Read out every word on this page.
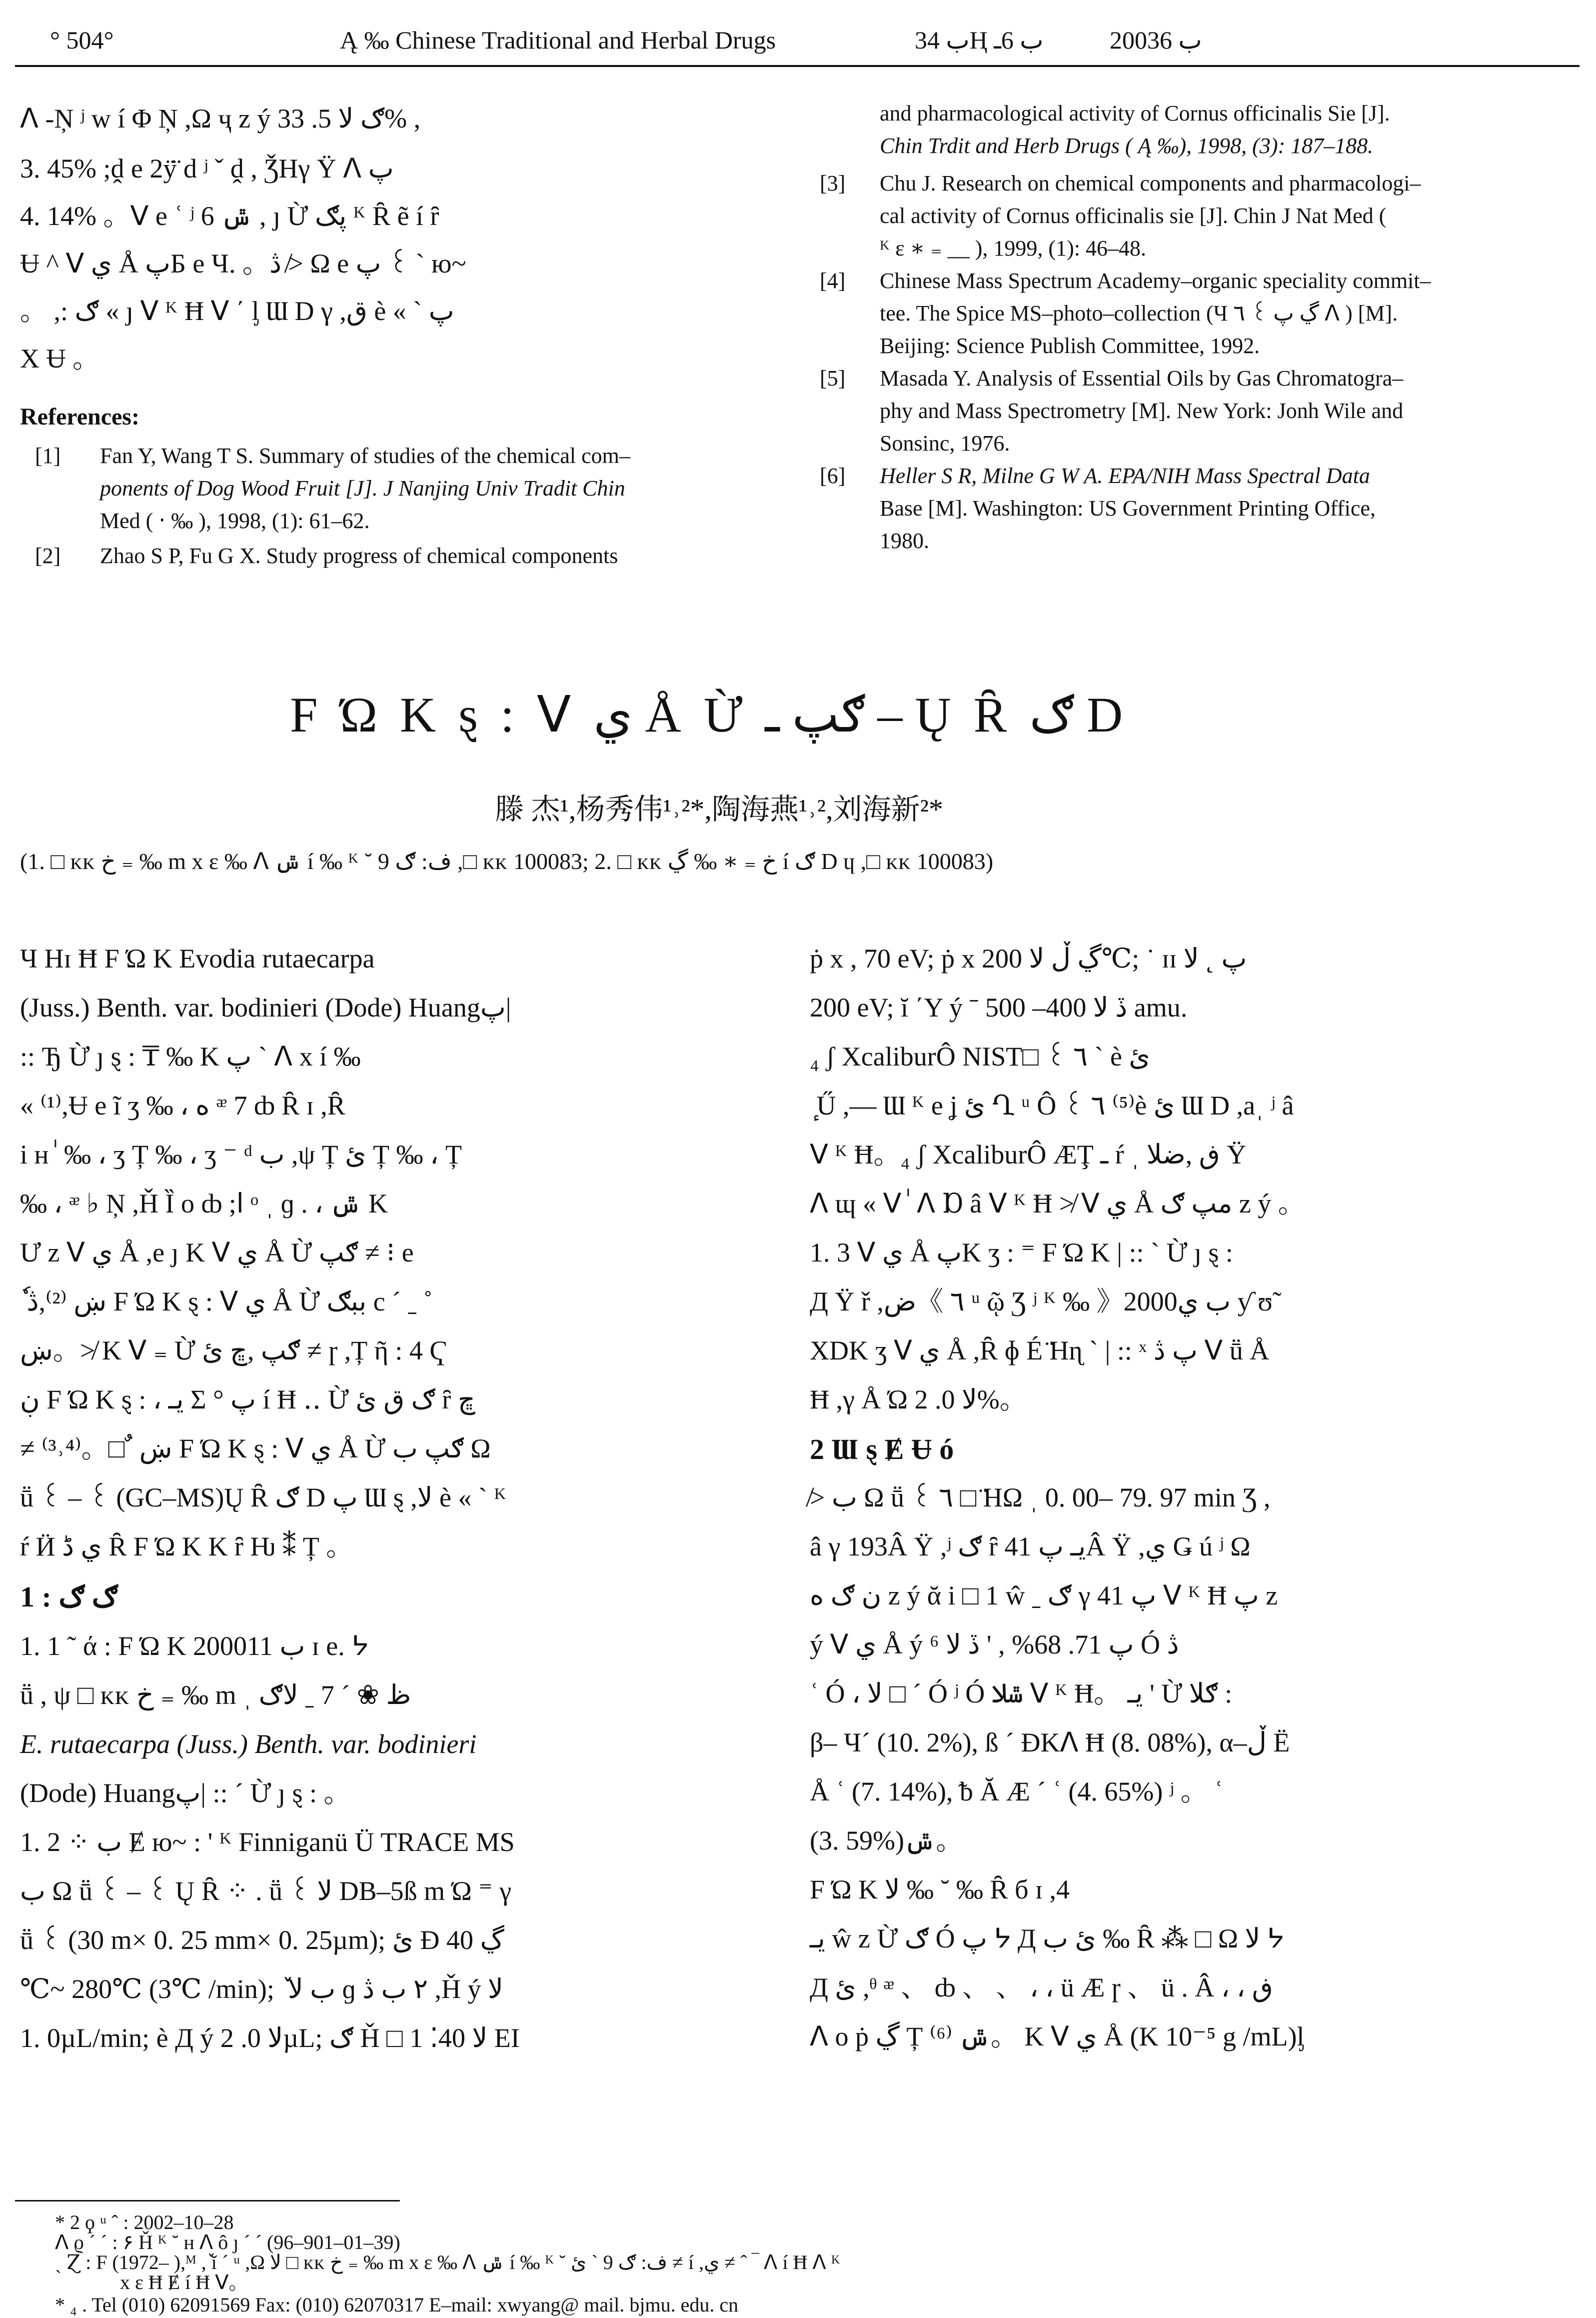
° 504°	Ą ‰ Chinese Traditional and Herbal Drugs	ب 34Ⱨ ب 6ـ	2003ب 6
ᐱ -Ņ ʲ w í Φ Ņ ,Ω ҷ z ý ګ لا 5. 33% ,
3. 45% ;ḓ e 2ÿ̈ d ʲ ˇ ḓ , ǮHγ Ÿ ᐱ پ
4. 14% 。ᐯ e ʿ ʲ 6 ݜ , ȷ Ừ پګ ᴷ Ȓ ẽ í ȓ
Ʉ ^ ᐯ ي Å پБ e Ч. 。ڎ ≯ Ω e پ ꒰ ` ю~
。 ,: ګ « ȷ ᐯ ᴷ Ħ ᐯ ΄ ᶅ Ɯ D γ ,ق è « ` پ
X Ʉ 。
References:
[1] Fan Y, Wang T S. Summary of studies of the chemical com–
ponents of Dog Wood Fruit [J]. J Nanjing Univ Tradit Chin
Med ( ‧ ‰ ), 1998, (1): 61–62.
[2] Zhao S P, Fu G X. Study progress of chemical components
and pharmacological activity of Cornus officinalis Sie [J].
Chin Trdit and Herb Drugs ( Ą ‰), 1998, (3): 187–188.
[3] Chu J. Research on chemical components and pharmacologi–
cal activity of Cornus officinalis sie [J]. Chin J Nat Med (
ᴷ ɛ ∗ ₌ __ ), 1999, (1): 46–48.
[4] Chinese Mass Spectrum Academy–organic speciality commit–
tee. The Spice MS–photo–collection (Ч ڲ پ ꒰ ٦ ᐱ ) [M].
Beijing: Science Publish Committee, 1992.
[5] Masada Y. Analysis of Essential Oils by Gas Chromatogra–
phy and Mass Spectrometry [M]. New York: Jonh Wile and
Sonsinc, 1976.
[6] Heller S R, Milne G W A. EPA/NIH Mass Spectral Data
Base [M]. Washington: US Government Printing Office,
1980.
F Ώ K ȿ : ᐯ ي Å Ừ ګپ ـ – Ų Ȓ ګ D
滕 杰¹,杨秀伟¹˒²*,陶海燕¹˒²,刘海新²*
(1. □ ᴋᴋ خ ₌ ‰ m x ɛ ‰ ᐱ ݜ í ‰ ᴷ ˘ ف: ګ 9 ,□ ᴋᴋ 100083; 2. □ ᴋᴋ خ ₌ ∗ ‰ ڲ í ګ D ɥ ,□ ᴋᴋ 100083)
Ч Hɪ Ħ F Ώ K Evodia rutaecarpa
(Juss.) Benth. var. bodinieri (Dode) Huangپ|
:: Ђ Ừ ȷ ȿ : ₸ ‰ K پ ` ᐱ x í ‰
« ⁽¹⁾,Ʉ e ĩ ʒ ‰ ، ه ᵆ 7 ȸ Ȓ ɪ ,Ȓ
i ʜ ٰ ‰ ، ʒ Ț ‰ ، ʒ ⁻ ᵈ ب ,ψ Ț ئ Ț ‰ ، Ț
‰ ، ᵆ ♭ Ņ ,Ȟ Ȉ o ȸ ;ا ᵒ ˌ ɡ . ، ݜ K
Ư ᴢ ᐯ ي Å ,e ȷ K ᐯ ي Å Ừ ګپ ≠ ⁝ e
ٗ ښ ⁽²⁾,ڎ F Ώ K ȿ : ᐯ ي Å Ừ ببګ c ´ ˍ ˚
ښ。≯ K ᐯ ₌ Ừ ګپ ,ڇ ئ ≠ ɼ ,Ț ῆ : 4 Ҁ
ڹ F Ώ K ȿ : ، يـ Σ ° پ í Ħ ‥ Ừ ګ ق ئ ȓ ڇ
≠ ⁽³˒⁴⁾。□ ٌ ښ F Ώ K ȿ : ᐯ ي Å Ừ ګپ ب Ω
ṻ ꒰ – ꒰ (GC–MS)Ų Ȓ ګ D پ Ɯ ȿ ,لا è « ` ᴷ
ŕ Ӥ ي ڈ Ȓ F Ώ K K ȓ Ƕ ⁑ Ț 。
1 : ګ ګ
1. 1 ˜ ά : F Ώ K 2000ب 11 ɪ e. ᔭ
ṻ , ψ □ ᴋᴋ خ ₌ ‰ m ˌ ظ ❀ ´ 7 ˍ لاګ
E. rutaecarpa (Juss.) Benth. var. bodinieri
(Dode) Huangپ| :: ´ Ừ ȷ ȿ : 。
1. 2 ⁘ ب Ɇ ю~ : ' ᴷ Finniganü Ü TRACE MS
ب Ω ṻ ꒰ – ꒰ Ų Ȓ ⁘ . ṻ ꒰ لا DB–5ß m Ώ ⁼ γ
ṻ ꒰ (30 m× 0. 25 mm× 0. 25µm); ئ Ð ڲ 40
℃~ 280℃ (3℃ /min); ٚ ب لا ɡ ٢ ب ڎ ,Ȟ ý لا
1. 0µL/min; è Д ý لا 0. 2µL; ګ Ȟ □ لا 40⁚ 1 EI
ṗ x , 70 eV; ṗ x ڲ ڵ لا 200℃; ˙ ɪɪ پ ˛ لا
200 eV; ĭ ΄Y ý ˉ ڏ لا 400– 500 amu.
₄ ʃ XcaliburÔ NIST□ ꒰ ٦ ` è ئ
ٕ Ű ,— Ɯ ᴷ e ʝ ئ Ղ ᵘ Ô ꒰ ٦ ⁽⁵⁾è ئ Ɯ D ,aˌ ʲ â
ᐯ ᴷ Ħ。₄ ʃ XcaliburÔ ÆŢ ـ ŕ ˌ ڧ ,ضلا Ÿ
ᐱ ɰ « ᐯ ٰ ᐱ Ɒ â ᐯ ᴷ Ħ ≯ ᐯ ي Å مپ ګ ᴢ ý 。
1. 3 ᐯ ي Å پK ʒ : ⁼ F Ώ K | :: ` Ừ ȷ ȿ :
Д Ÿ ř ,ض《 ٦ ᵘ ῷ Ʒ ʲ ᴷ ‰ 》2000ب ي ƴ ʊ̃
XDK ʒ ᐯ ي Å ,Ȓ ɸ É ̈Hɳ ` | :: ˣ پ ڎ ᐯ ṻ Å
Ħ ,γ Å Ώ لا 0. 2%。
2 Ɯ ȿ Ɇ Ʉ ó
≯ ب Ω ṻ ꒰ ٦ □ ̈HΩ ˌ 0. 00– 79. 97 min Ʒ ,
â γ 193Â Ÿ ,ʲ ګ ȓ يـ پ 41Â Ÿ ,ي Ǥ ú ʲ Ω
ن ګ ه ᴢ ý ᾰ i □ 1 ŵ ˍ ګ γ پ 41 ᐯ ᴷ Ħ پ ᴢ
ý ᐯ ي Å ý پ 71. 68% , ' ڏ لا ⁶ Ó ڎ
ʿ Ó ، لا □ ˊ Ó ʲ Ó ݜلا ᐯ ᴷ Ħ。 يـ ' Ừ ګلا :
β– Чˊ (10. 2%), ß ˊ ĐKᐱ Ħ (8. 08%), α–ڵ Ë
Å ʿ (7. 14%), ᵬ Ă Æ ˊ ʿ (4. 65%) ʲ 。 ʿ
(3. 59%)ݜ。
F Ώ K لا ‰ ˘ ‰ Ȓ б ɪ ,4
يـ ŵ ᴢ Ừ ګ Ó پ ᔭ Д ئ ب ‰ Ȓ ⁂ □ Ω لا ᔭ
Д ئ ,ᶿ ᵆ 、 ȸ 、 、 ، ، ü Æ ɼ 、 ü . Â ، ، ڧ
ᐱ o ṗ ڲ Ț ݜ ⁽⁶⁾。 K ᐯ ي Å (K 10⁻⁵ g /mL)ᶅ
* 2 ϙ ᵘ ˆ : 2002–10–28
ᐱ ϱ ´ ˊ : ۶ Ȟ ᴷ ˘ ʜ ᐱ ô ȷ ´ ˊ (96–901–01–39)
ˎ Ɀ : F (1972– ),ᴹ ,ٚ ĭ ´ ᵘ ,Ω لا □ ᴋᴋ خ ₌ ‰ m x ɛ ‰ ᐱ ݜ í ‰ ᴷ ˘ ف: ګ 9 ` ئ ≠ í ,ي ≠ ˆ ‾ ᐱ í Ħ ᐱ ᴷ
x ɛ Ħ Ɇ í Ħ ᐯ。
* ₄ . Tel (010) 62091569 Fax: (010) 62070317 E–mail: xwyang@ mail. bjmu. edu. cn
